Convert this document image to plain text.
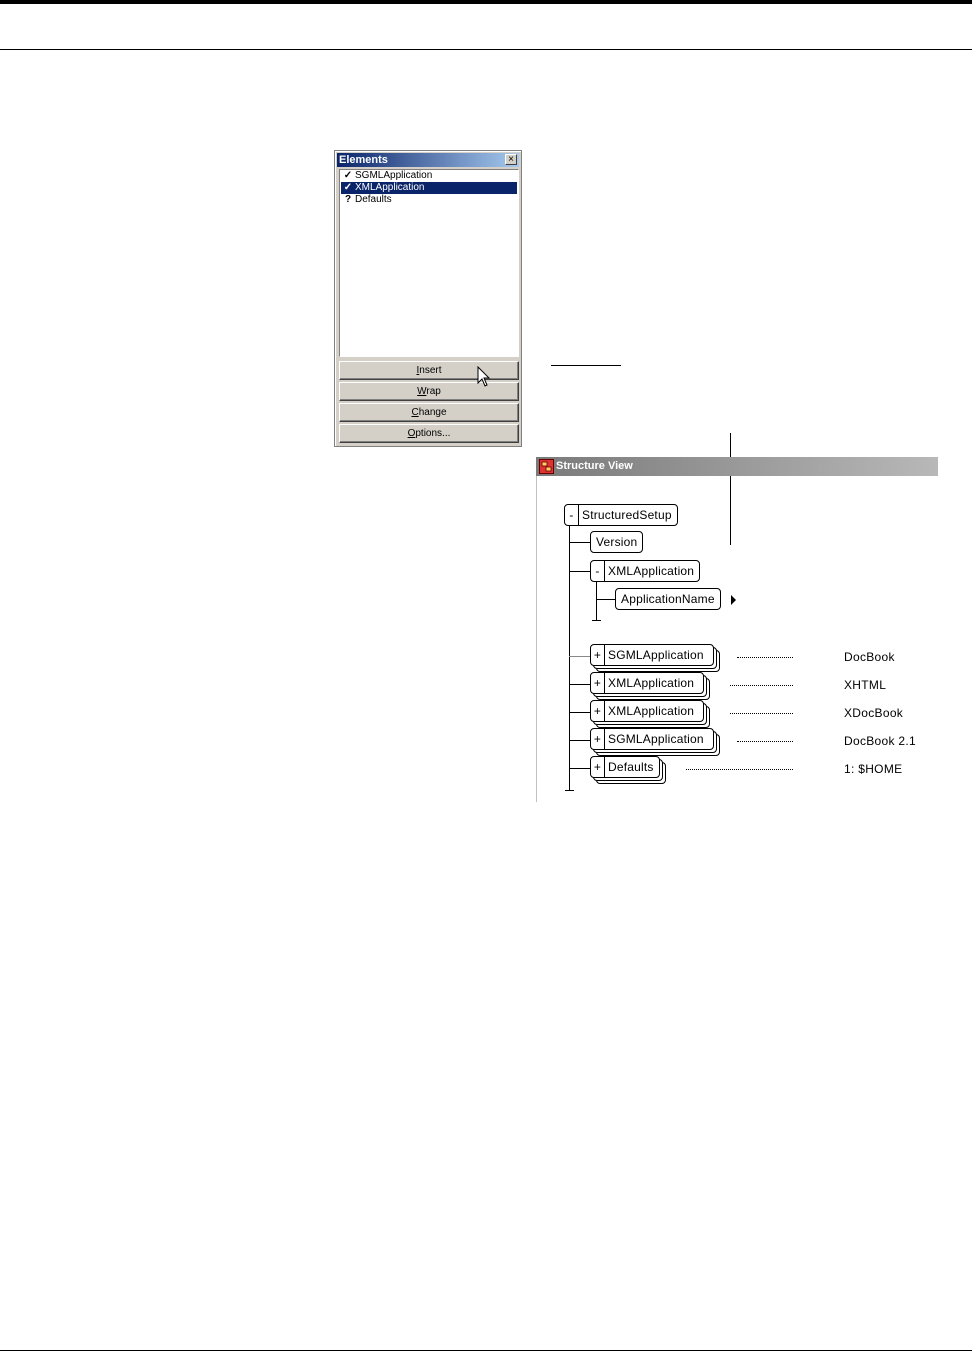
Elements	×
✓ SGMLApplication
✓ XMLApplication
? Defaults
Insert
Wrap
Change
Options...
Structure View
- StructuredSetup
Version
- XMLApplication
ApplicationName
+ SGMLApplication
+ XMLApplication
+ XMLApplication
+ SGMLApplication
+ Defaults
DocBook
XHTML
XDocBook
DocBook 2.1
1: $HOME
